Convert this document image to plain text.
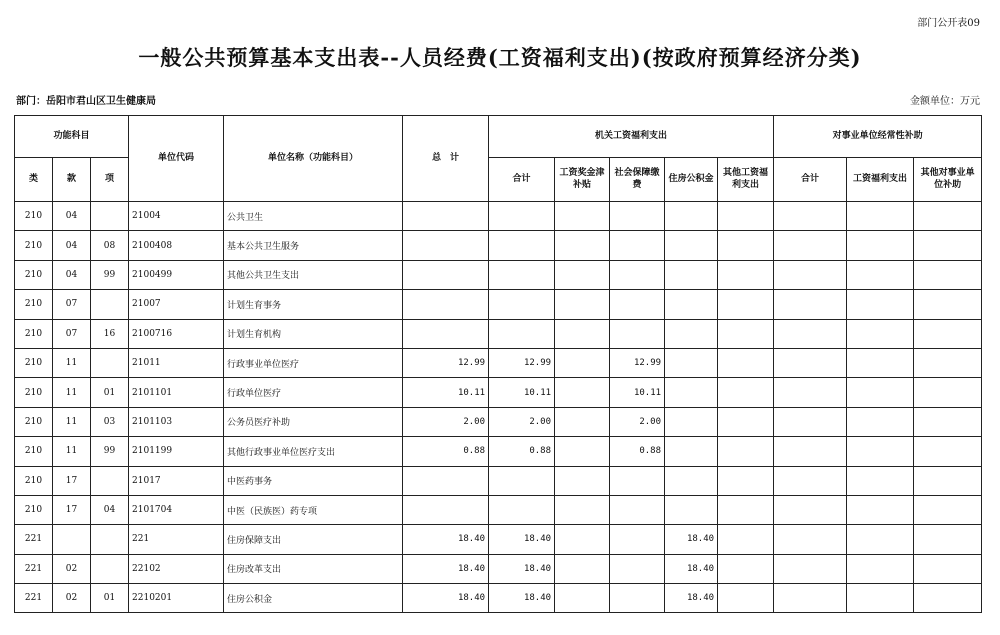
部门公开表09
一般公共预算基本支出表--人员经费(工资福利支出)(按政府预算经济分类)
部门：岳阳市君山区卫生健康局	金额单位：万元
功能科目			单位代码	单位名称（功能科目）	总　计	机关工资福利支出					对事业单位经常性补助		
类	款	项				合计	工资奖金津补贴	社会保障缴费	住房公积金	其他工资福利支出	合计	工资福利支出	其他对事业单位补助
210	04		21004	公共卫生									
210	04	08	2100408	基本公共卫生服务									
210	04	99	2100499	其他公共卫生支出									
210	07		21007	计划生育事务									
210	07	16	2100716	计划生育机构									
210	11		21011	行政事业单位医疗	12.99	12.99		12.99					
210	11	01	2101101	行政单位医疗	10.11	10.11		10.11					
210	11	03	2101103	公务员医疗补助	2.00	2.00		2.00					
210	11	99	2101199	其他行政事业单位医疗支出	0.88	0.88		0.88					
210	17		21017	中医药事务									
210	17	04	2101704	中医（民族医）药专项									
221			221	住房保障支出	18.40	18.40			18.40				
221	02		22102	住房改革支出	18.40	18.40			18.40				
221	02	01	2210201	住房公积金	18.40	18.40			18.40				
